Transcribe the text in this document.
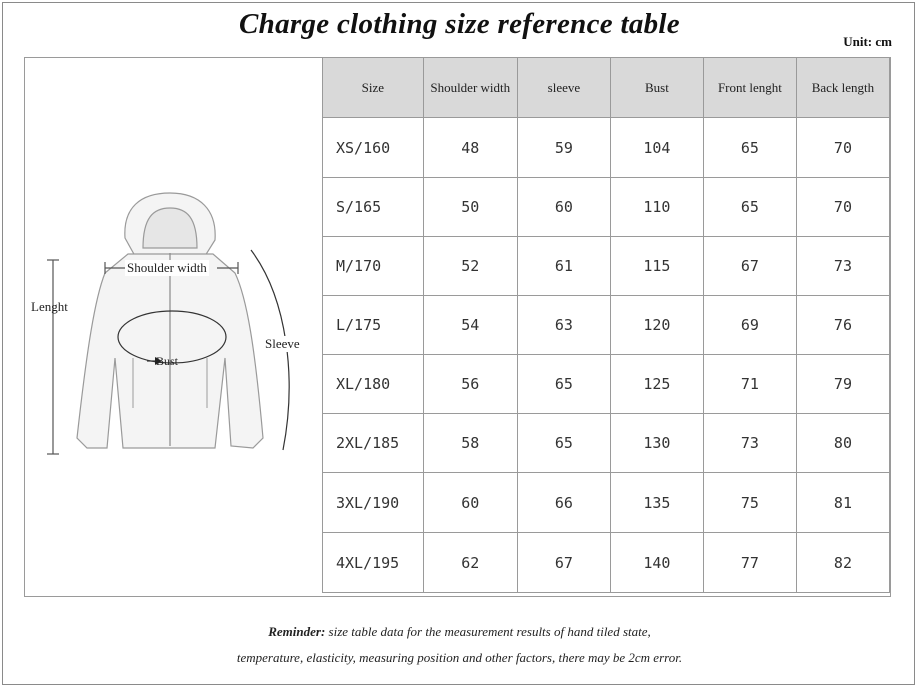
Charge clothing size reference table
Unit: cm
Shoulder width
Lenght
Bust
Sleeve
Size	Shoulder width	sleeve	Bust	Front lenght	Back length
XS/160	48	59	104	65	70
S/165	50	60	110	65	70
M/170	52	61	115	67	73
L/175	54	63	120	69	76
XL/180	56	65	125	71	79
2XL/185	58	65	130	73	80
3XL/190	60	66	135	75	81
4XL/195	62	67	140	77	82
Reminder: size table data for the measurement results of hand tiled state,
temperature, elasticity, measuring position and other factors, there may be 2cm error.
